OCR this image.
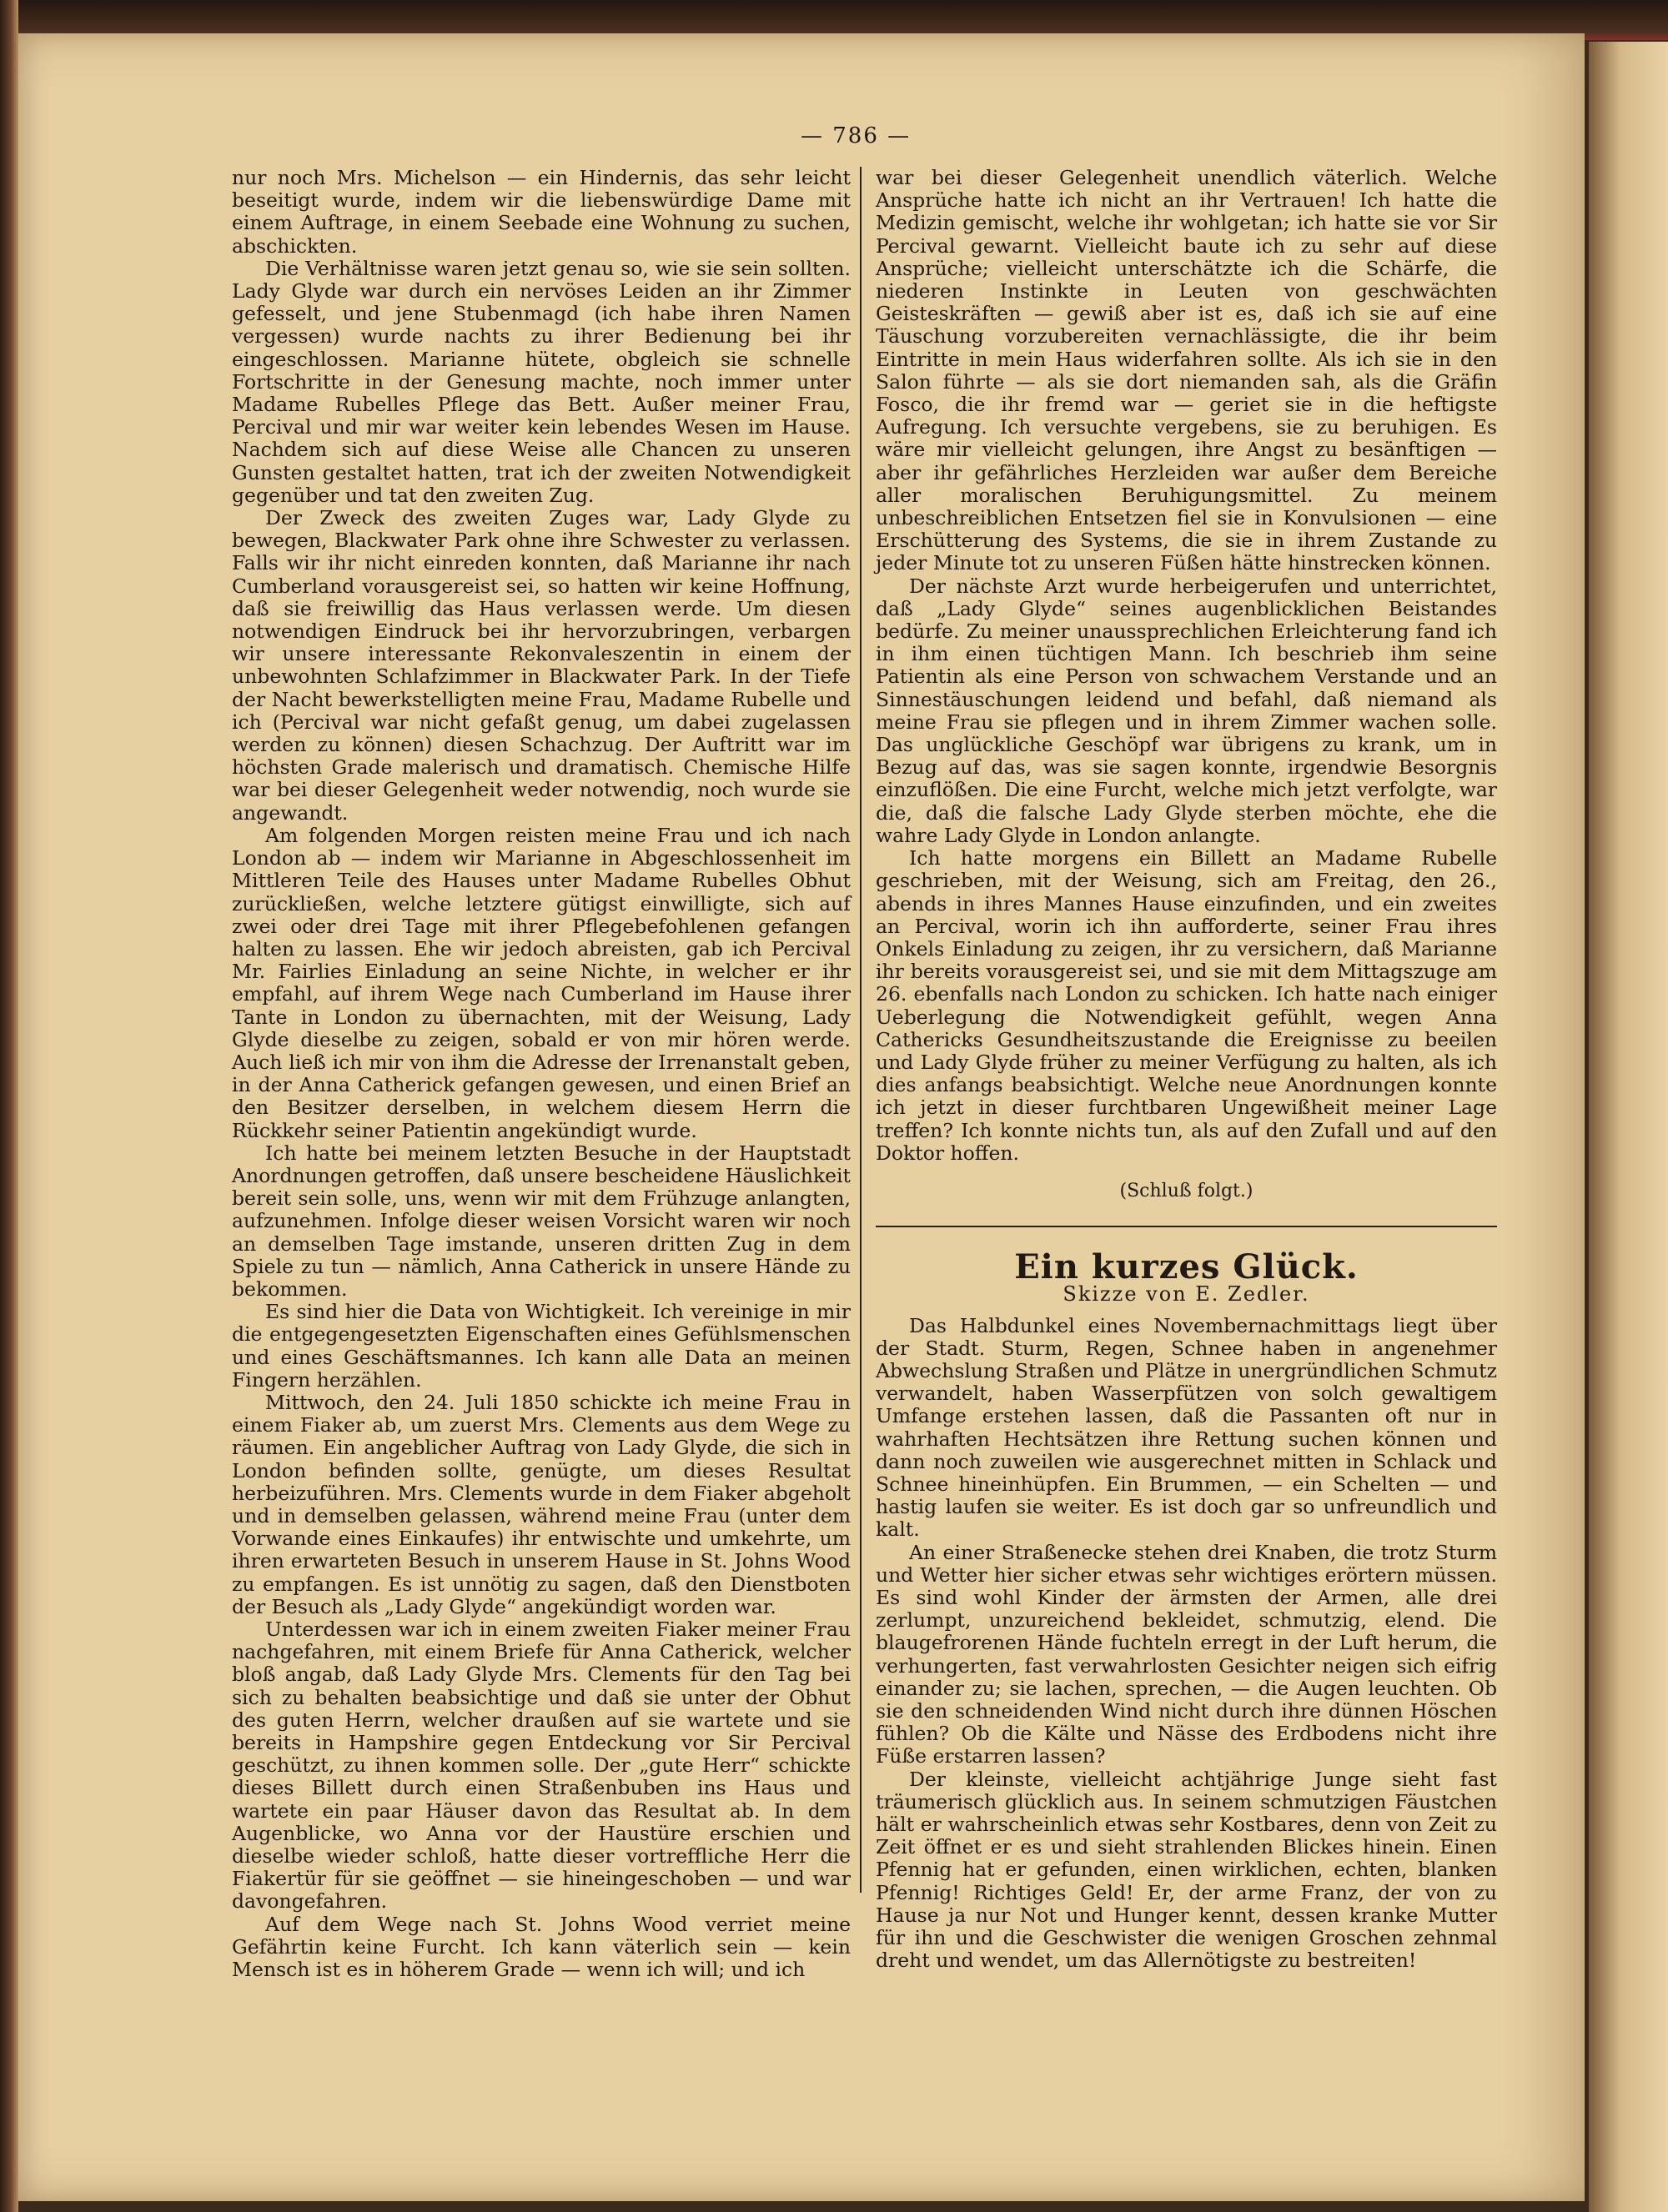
— 786 —

nur noch Mrs. Michelson — ein Hindernis, das sehr leicht beseitigt wurde, indem wir die liebenswürdige Dame mit einem Auftrage, in einem Seebade eine Wohnung zu suchen, abschickten.

Die Verhältnisse waren jetzt genau so, wie sie sein sollten. Lady Glyde war durch ein nervöses Leiden an ihr Zimmer gefesselt, und jene Stubenmagd (ich habe ihren Namen vergessen) wurde nachts zu ihrer Bedienung bei ihr eingeschlossen. Marianne hütete, obgleich sie schnelle Fortschritte in der Genesung machte, noch immer unter Madame Rubelles Pflege das Bett. Außer meiner Frau, Percival und mir war weiter kein lebendes Wesen im Hause. Nachdem sich auf diese Weise alle Chancen zu unseren Gunsten gestaltet hatten, trat ich der zweiten Notwendigkeit gegenüber und tat den zweiten Zug.

Der Zweck des zweiten Zuges war, Lady Glyde zu bewegen, Blackwater Park ohne ihre Schwester zu verlassen. Falls wir ihr nicht einreden konnten, daß Marianne ihr nach Cumberland vorausgereist sei, so hatten wir keine Hoffnung, daß sie freiwillig das Haus verlassen werde. Um diesen notwendigen Eindruck bei ihr hervorzubringen, verbargen wir unsere interessante Rekonvaleszentin in einem der unbewohnten Schlafzimmer in Blackwater Park. In der Tiefe der Nacht bewerkstelligten meine Frau, Madame Rubelle und ich (Percival war nicht gefaßt genug, um dabei zugelassen werden zu können) diesen Schachzug. Der Auftritt war im höchsten Grade malerisch und dramatisch. Chemische Hilfe war bei dieser Gelegenheit weder notwendig, noch wurde sie angewandt.

Am folgenden Morgen reisten meine Frau und ich nach London ab — indem wir Marianne in Abgeschlossenheit im Mittleren Teile des Hauses unter Madame Rubelles Obhut zurückließen, welche letztere gütigst einwilligte, sich auf zwei oder drei Tage mit ihrer Pflegebefohlenen gefangen halten zu lassen. Ehe wir jedoch abreisten, gab ich Percival Mr. Fairlies Einladung an seine Nichte, in welcher er ihr empfahl, auf ihrem Wege nach Cumberland im Hause ihrer Tante in London zu übernachten, mit der Weisung, Lady Glyde dieselbe zu zeigen, sobald er von mir hören werde. Auch ließ ich mir von ihm die Adresse der Irrenanstalt geben, in der Anna Catherick gefangen gewesen, und einen Brief an den Besitzer derselben, in welchem diesem Herrn die Rückkehr seiner Patientin angekündigt wurde.

Ich hatte bei meinem letzten Besuche in der Hauptstadt Anordnungen getroffen, daß unsere bescheidene Häuslichkeit bereit sein solle, uns, wenn wir mit dem Frühzuge anlangten, aufzunehmen. Infolge dieser weisen Vorsicht waren wir noch an demselben Tage imstande, unseren dritten Zug in dem Spiele zu tun — nämlich, Anna Catherick in unsere Hände zu bekommen.

Es sind hier die Data von Wichtigkeit. Ich vereinige in mir die entgegengesetzten Eigenschaften eines Gefühlsmenschen und eines Geschäftsmannes. Ich kann alle Data an meinen Fingern herzählen.

Mittwoch, den 24. Juli 1850 schickte ich meine Frau in einem Fiaker ab, um zuerst Mrs. Clements aus dem Wege zu räumen. Ein angeblicher Auftrag von Lady Glyde, die sich in London befinden sollte, genügte, um dieses Resultat herbeizuführen. Mrs. Clements wurde in dem Fiaker abgeholt und in demselben gelassen, während meine Frau (unter dem Vorwande eines Einkaufes) ihr entwischte und umkehrte, um ihren erwarteten Besuch in unserem Hause in St. Johns Wood zu empfangen. Es ist unnötig zu sagen, daß den Dienstboten der Besuch als „Lady Glyde“ angekündigt worden war.

Unterdessen war ich in einem zweiten Fiaker meiner Frau nachgefahren, mit einem Briefe für Anna Catherick, welcher bloß angab, daß Lady Glyde Mrs. Clements für den Tag bei sich zu behalten beabsichtige und daß sie unter der Obhut des guten Herrn, welcher draußen auf sie wartete und sie bereits in Hampshire gegen Entdeckung vor Sir Percival geschützt, zu ihnen kommen solle. Der „gute Herr“ schickte dieses Billett durch einen Straßenbuben ins Haus und wartete ein paar Häuser davon das Resultat ab. In dem Augenblicke, wo Anna vor der Haustüre erschien und dieselbe wieder schloß, hatte dieser vortreffliche Herr die Fiakertür für sie geöffnet — sie hineingeschoben — und war davongefahren.

Auf dem Wege nach St. Johns Wood verriet meine Gefährtin keine Furcht. Ich kann väterlich sein — kein Mensch ist es in höherem Grade — wenn ich will; und ich

war bei dieser Gelegenheit unendlich väterlich. Welche Ansprüche hatte ich nicht an ihr Vertrauen! Ich hatte die Medizin gemischt, welche ihr wohlgetan; ich hatte sie vor Sir Percival gewarnt. Vielleicht baute ich zu sehr auf diese Ansprüche; vielleicht unterschätzte ich die Schärfe, die niederen Instinkte in Leuten von geschwächten Geisteskräften — gewiß aber ist es, daß ich sie auf eine Täuschung vorzubereiten vernachlässigte, die ihr beim Eintritte in mein Haus widerfahren sollte. Als ich sie in den Salon führte — als sie dort niemanden sah, als die Gräfin Fosco, die ihr fremd war — geriet sie in die heftigste Aufregung. Ich versuchte vergebens, sie zu beruhigen. Es wäre mir vielleicht gelungen, ihre Angst zu besänftigen — aber ihr gefährliches Herzleiden war außer dem Bereiche aller moralischen Beruhigungsmittel. Zu meinem unbeschreiblichen Entsetzen fiel sie in Konvulsionen — eine Erschütterung des Systems, die sie in ihrem Zustande zu jeder Minute tot zu unseren Füßen hätte hinstrecken können.

Der nächste Arzt wurde herbeigerufen und unterrichtet, daß „Lady Glyde“ seines augenblicklichen Beistandes bedürfe. Zu meiner unaussprechlichen Erleichterung fand ich in ihm einen tüchtigen Mann. Ich beschrieb ihm seine Patientin als eine Person von schwachem Verstande und an Sinnestäuschungen leidend und befahl, daß niemand als meine Frau sie pflegen und in ihrem Zimmer wachen solle. Das unglückliche Geschöpf war übrigens zu krank, um in Bezug auf das, was sie sagen konnte, irgendwie Besorgnis einzuflößen. Die eine Furcht, welche mich jetzt verfolgte, war die, daß die falsche Lady Glyde sterben möchte, ehe die wahre Lady Glyde in London anlangte.

Ich hatte morgens ein Billett an Madame Rubelle geschrieben, mit der Weisung, sich am Freitag, den 26., abends in ihres Mannes Hause einzufinden, und ein zweites an Percival, worin ich ihn aufforderte, seiner Frau ihres Onkels Einladung zu zeigen, ihr zu versichern, daß Marianne ihr bereits vorausgereist sei, und sie mit dem Mittagszuge am 26. ebenfalls nach London zu schicken. Ich hatte nach einiger Ueberlegung die Notwendigkeit gefühlt, wegen Anna Cathericks Gesundheitszustande die Ereignisse zu beeilen und Lady Glyde früher zu meiner Verfügung zu halten, als ich dies anfangs beabsichtigt. Welche neue Anordnungen konnte ich jetzt in dieser furchtbaren Ungewißheit meiner Lage treffen? Ich konnte nichts tun, als auf den Zufall und auf den Doktor hoffen.

(Schluß folgt.)
Ein kurzes Glück.
Skizze von E. Zedler.

Das Halbdunkel eines Novembernachmittags liegt über der Stadt. Sturm, Regen, Schnee haben in angenehmer Abwechslung Straßen und Plätze in unergründlichen Schmutz verwandelt, haben Wasserpfützen von solch gewaltigem Umfange erstehen lassen, daß die Passanten oft nur in wahrhaften Hechtsätzen ihre Rettung suchen können und dann noch zuweilen wie ausgerechnet mitten in Schlack und Schnee hineinhüpfen. Ein Brummen, — ein Schelten — und hastig laufen sie weiter. Es ist doch gar so unfreundlich und kalt.

An einer Straßenecke stehen drei Knaben, die trotz Sturm und Wetter hier sicher etwas sehr wichtiges erörtern müssen. Es sind wohl Kinder der ärmsten der Armen, alle drei zerlumpt, unzureichend bekleidet, schmutzig, elend. Die blaugefrorenen Hände fuchteln erregt in der Luft herum, die verhungerten, fast verwahrlosten Gesichter neigen sich eifrig einander zu; sie lachen, sprechen, — die Augen leuchten. Ob sie den schneidenden Wind nicht durch ihre dünnen Höschen fühlen? Ob die Kälte und Nässe des Erdbodens nicht ihre Füße erstarren lassen?

Der kleinste, vielleicht achtjährige Junge sieht fast träumerisch glücklich aus. In seinem schmutzigen Fäustchen hält er wahrscheinlich etwas sehr Kostbares, denn von Zeit zu Zeit öffnet er es und sieht strahlenden Blickes hinein. Einen Pfennig hat er gefunden, einen wirklichen, echten, blanken Pfennig! Richtiges Geld! Er, der arme Franz, der von zu Hause ja nur Not und Hunger kennt, dessen kranke Mutter für ihn und die Geschwister die wenigen Groschen zehnmal dreht und wendet, um das Allernötigste zu bestreiten!
